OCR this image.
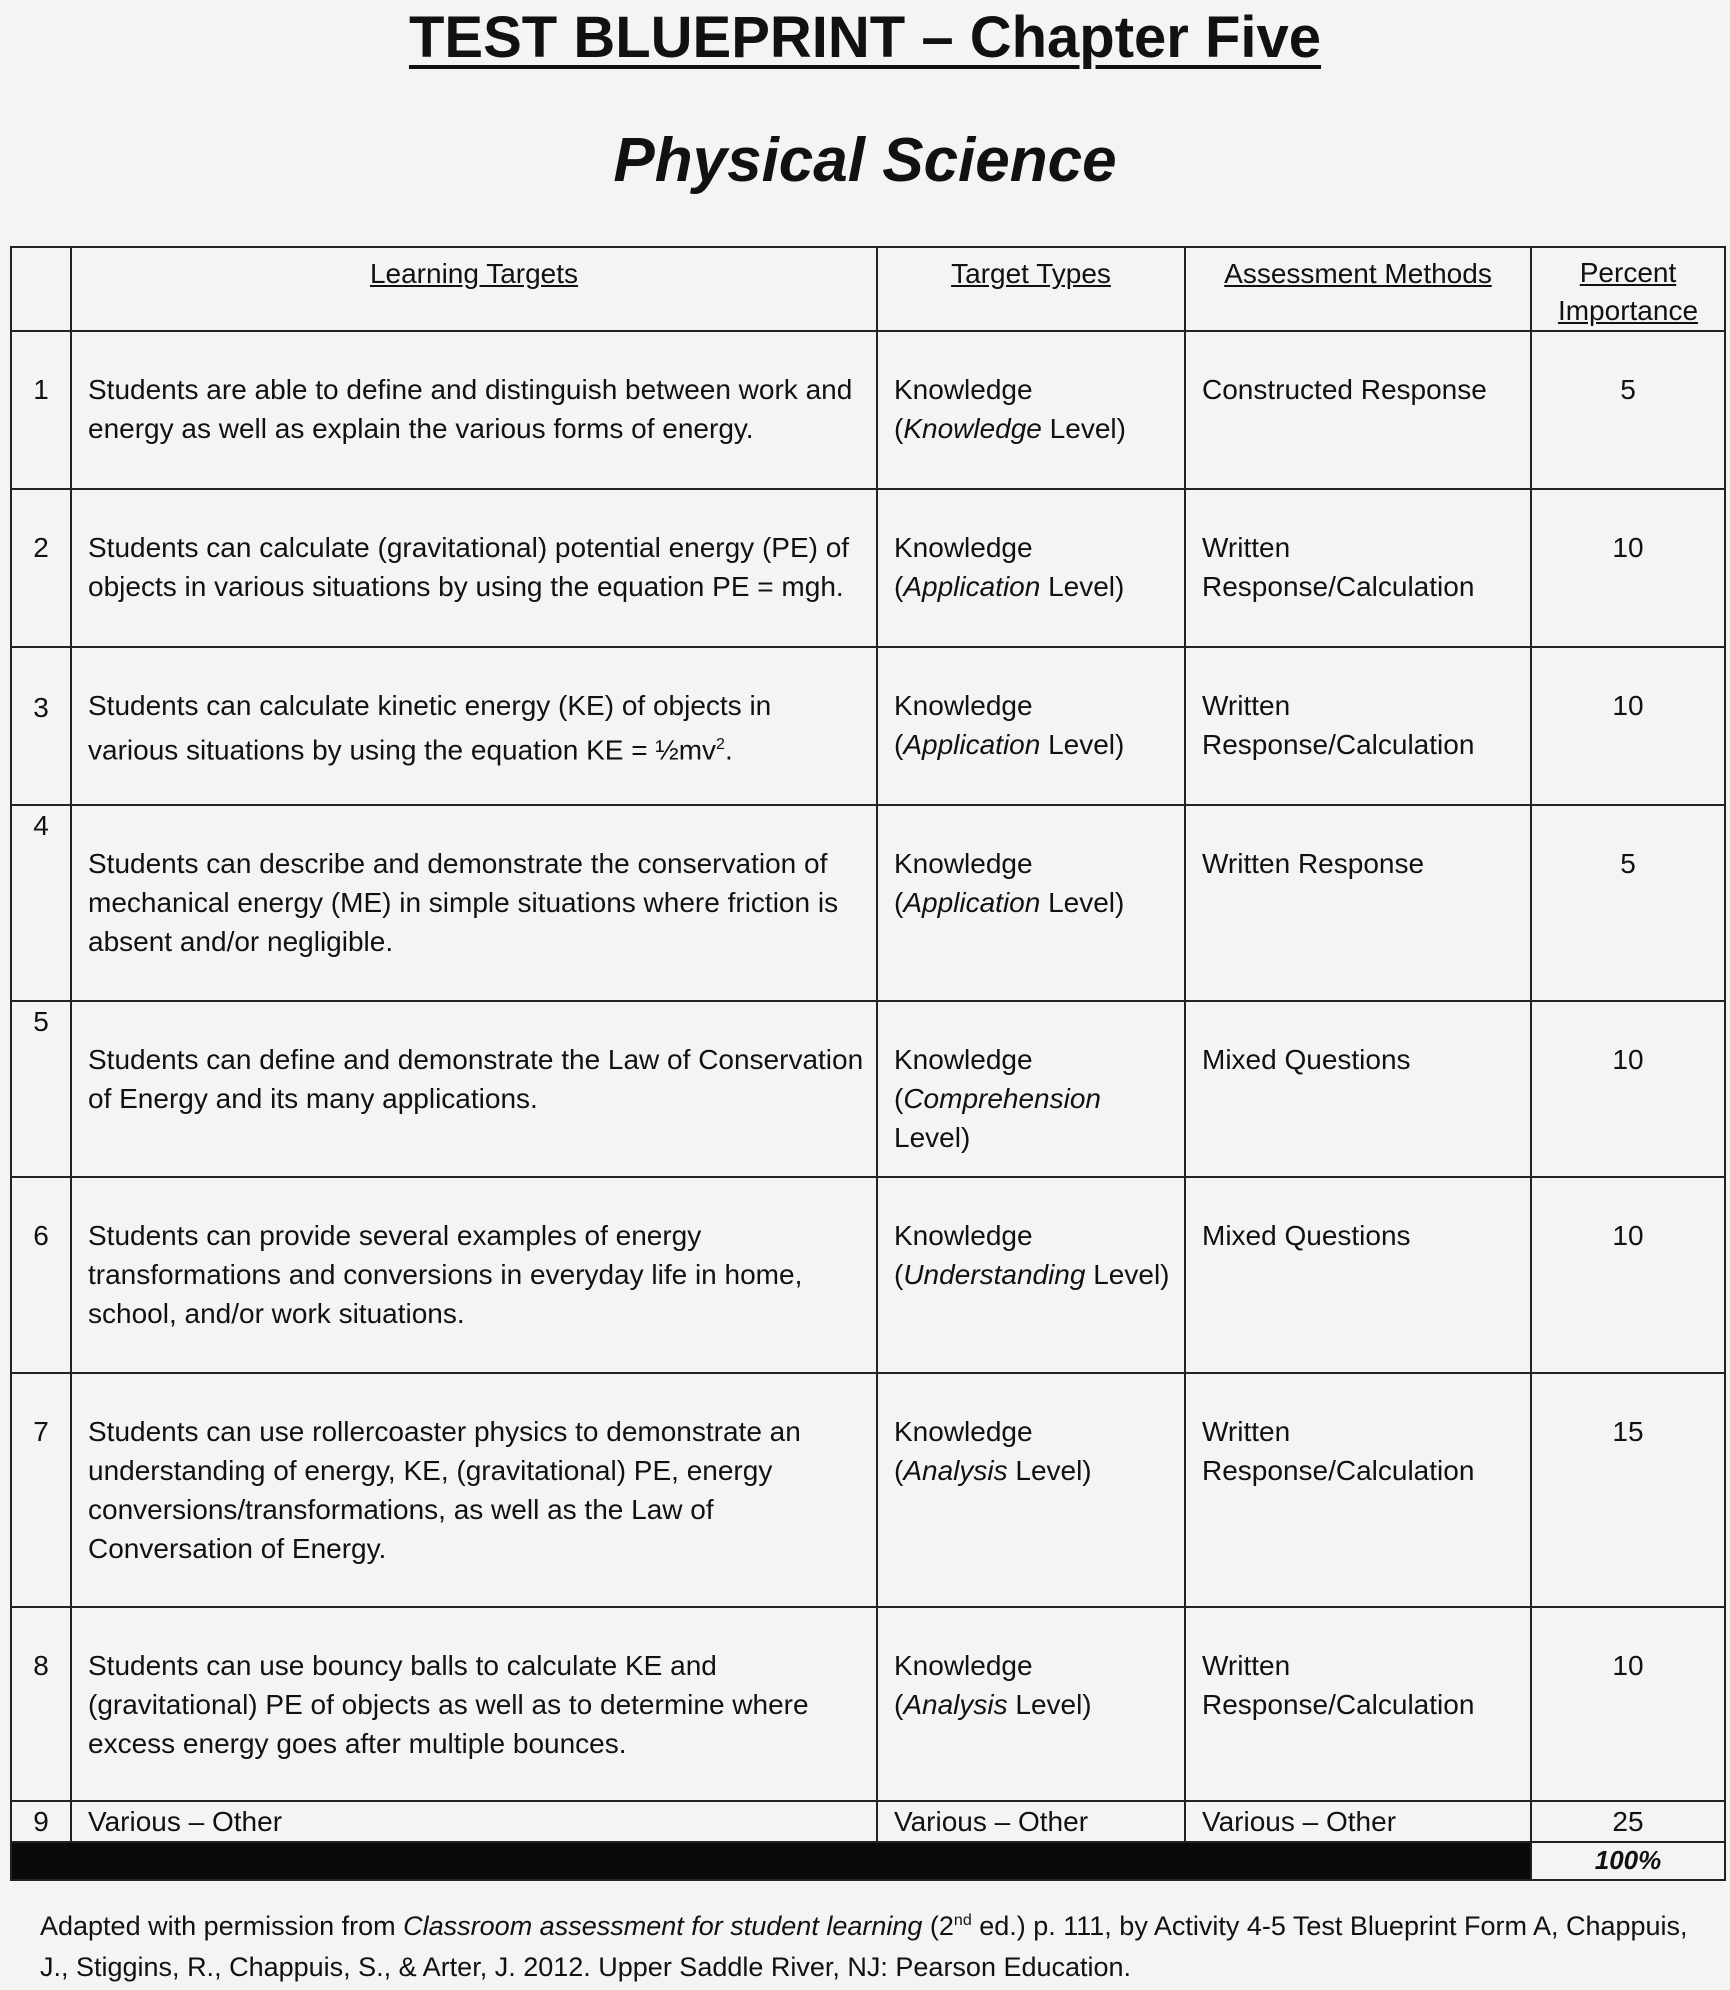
TEST BLUEPRINT – Chapter Five
Physical Science
	Learning Targets	Target Types	Assessment Methods	Percent
Importance

1	Students are able to define and distinguish between work and energy as well as explain the various forms of energy.	Knowledge
(Knowledge Level)	Constructed Response	5

2	Students can calculate (gravitational) potential energy (PE) of objects in various situations by using the equation PE = mgh.	Knowledge
(Application Level)	Written Response/Calculation	10

3	Students can calculate kinetic energy (KE) of objects in various situations by using the equation KE = $\frac{1}{2}mv^2$.	Knowledge
(Application Level)	Written Response/Calculation	10

4	Students can describe and demonstrate the conservation of mechanical energy (ME) in simple situations where friction is absent and/or negligible.	Knowledge
(Application Level)	Written Response	5

5	Students can define and demonstrate the Law of Conservation of Energy and its many applications.	Knowledge
(Comprehension Level)	Mixed Questions	10

6	Students can provide several examples of energy transformations and conversions in everyday life in home, school, and/or work situations.	Knowledge
(Understanding Level)	Mixed Questions	10

7	Students can use rollercoaster physics to demonstrate an understanding of energy, KE, (gravitational) PE, energy conversions/transformations, as well as the Law of Conversation of Energy.	Knowledge
(Analysis Level)	Written Response/Calculation	15

8	Students can use bouncy balls to calculate KE and (gravitational) PE of objects as well as to determine where excess energy goes after multiple bounces.	Knowledge
(Analysis Level)	Written Response/Calculation	10

9	Various – Other	Various – Other	Various – Other	25
				100%
Adapted with permission from Classroom assessment for student learning (2nd ed.) p. 111, by Activity 4-5 Test Blueprint Form A, Chappuis, J., Stiggins, R., Chappuis, S., & Arter, J. 2012. Upper Saddle River, NJ: Pearson Education.
